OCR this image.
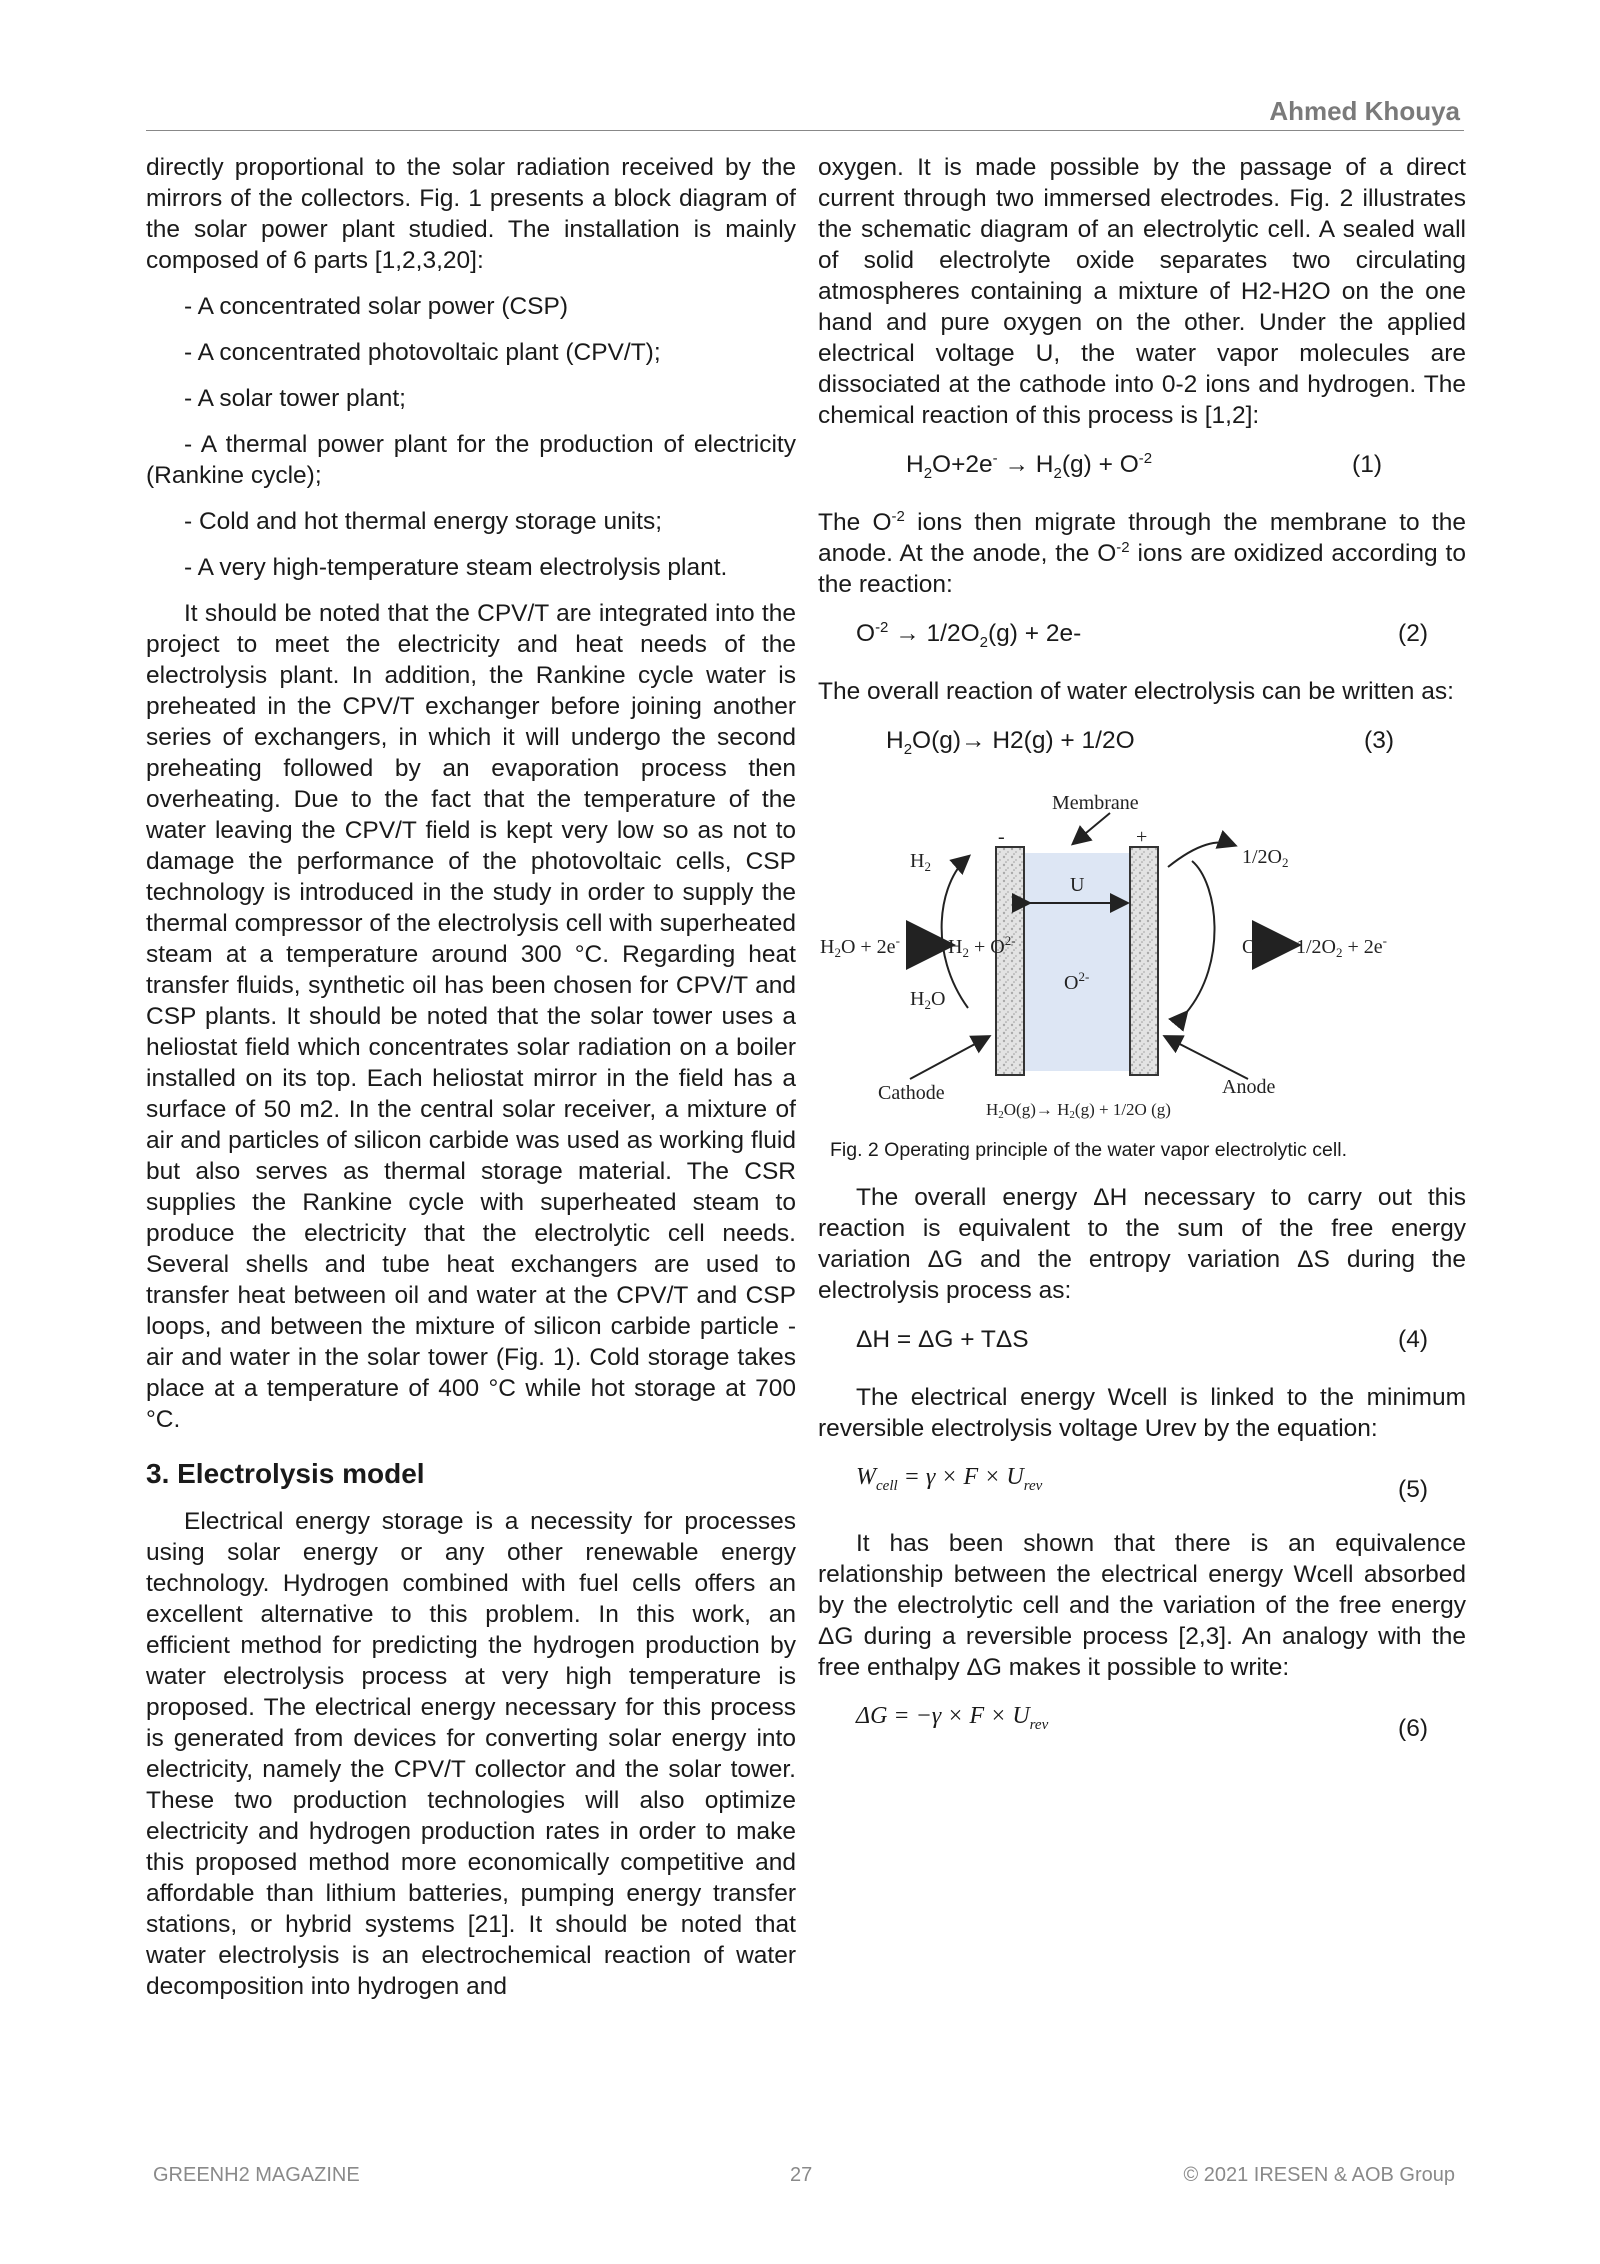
Ahmed Khouya

directly proportional to the solar radiation received by the mirrors of the collectors. Fig. 1 presents a block diagram of the solar power plant studied. The installation is mainly composed of 6 parts [1,2,3,20]:

- A concentrated solar power (CSP)

- A concentrated photovoltaic plant (CPV/T);

- A solar tower plant;

- A thermal power plant for the production of electricity (Rankine cycle);

- Cold and hot thermal energy storage units;

- A very high-temperature steam electrolysis plant.

It should be noted that the CPV/T are integrated into the project to meet the electricity and heat needs of the electrolysis plant. In addition, the Rankine cycle water is preheated in the CPV/T exchanger before joining another series of exchangers, in which it will undergo the second preheating followed by an evaporation process then overheating. Due to the fact that the temperature of the water leaving the CPV/T field is kept very low so as not to damage the performance of the photovoltaic cells, CSP technology is introduced in the study in order to supply the thermal compressor of the electrolysis cell with superheated steam at a temperature around 300 °C. Regarding heat transfer fluids, synthetic oil has been chosen for CPV/T and CSP plants. It should be noted that the solar tower uses a heliostat field which concentrates solar radiation on a boiler installed on its top. Each heliostat mirror in the field has a surface of 50 m2. In the central solar receiver, a mixture of air and particles of silicon carbide was used as working fluid but also serves as thermal storage material. The CSR supplies the Rankine cycle with superheated steam to produce the electricity that the electrolytic cell needs. Several shells and tube heat exchangers are used to transfer heat between oil and water at the CPV/T and CSP loops, and between the mixture of silicon carbide particle -air and water in the solar tower (Fig. 1). Cold storage takes place at a temperature of 400 °C while hot storage at 700 °C.

3. Electrolysis model

Electrical energy storage is a necessity for processes using solar energy or any other renewable energy technology. Hydrogen combined with fuel cells offers an excellent alternative to this problem. In this work, an efficient method for predicting the hydrogen production by water electrolysis process at very high temperature is proposed. The electrical energy necessary for this process is generated from devices for converting solar energy into electricity, namely the CPV/T collector and the solar tower. These two production technologies will also optimize electricity and hydrogen production rates in order to make this proposed method more economically competitive and affordable than lithium batteries, pumping energy transfer stations, or hybrid systems [21]. It should be noted that water electrolysis is an electrochemical reaction of water decomposition into hydrogen and

oxygen. It is made possible by the passage of a direct current through two immersed electrodes. Fig. 2 illustrates the schematic diagram of an electrolytic cell. A sealed wall of solid electrolyte oxide separates two circulating atmospheres containing a mixture of H2-H2O on the one hand and pure oxygen on the other. Under the applied electrical voltage U, the water vapor molecules are dissociated at the cathode into 0-2 ions and hydrogen. The chemical reaction of this process is [1,2]:

$H_2O+2e^- \to H_2(g) + O^{-2}$	(1)

The $O^{-2}$ ions then migrate through the membrane to the anode. At the anode, the $O^{-2}$ ions are oxidized according to the reaction:

$O^{-2} \to 1/2O_2(g) + 2e-$	(2)

The overall reaction of water electrolysis can be written as:

$H_2O(g)\to H2(g) + 1/2O$	(3)
Membrane
-	+
$H_2$
U
$1/2O_2$
$H_2O + 2e^-$ $H_2 + O^{2-}$
$O^{2-}$
$H_2O$
$O^{2-}$ $1/2O_2 + 2e^-$
Cathode	Anode
H2O(g)→ H2(g) + 1/2O (g)
Fig. 2 Operating principle of the water vapor electrolytic cell.

The overall energy ΔH necessary to carry out this reaction is equivalent to the sum of the free energy variation ΔG and the entropy variation ΔS during the electrolysis process as:

ΔH = ΔG + TΔS	(4)

The electrical energy Wcell is linked to the minimum reversible electrolysis voltage Urev by the equation:

$W_{cell} = \gamma \times F \times U_{rev}$	(5)

It has been shown that there is an equivalence relationship between the electrical energy Wcell absorbed by the electrolytic cell and the variation of the free energy ΔG during a reversible process [2,3]. An analogy with the free enthalpy ΔG makes it possible to write:

$\Delta G = -\gamma \times F \times U_{rev}$	(6)
GREENH2 MAGAZINE	27	© 2021 IRESEN & AOB Group
